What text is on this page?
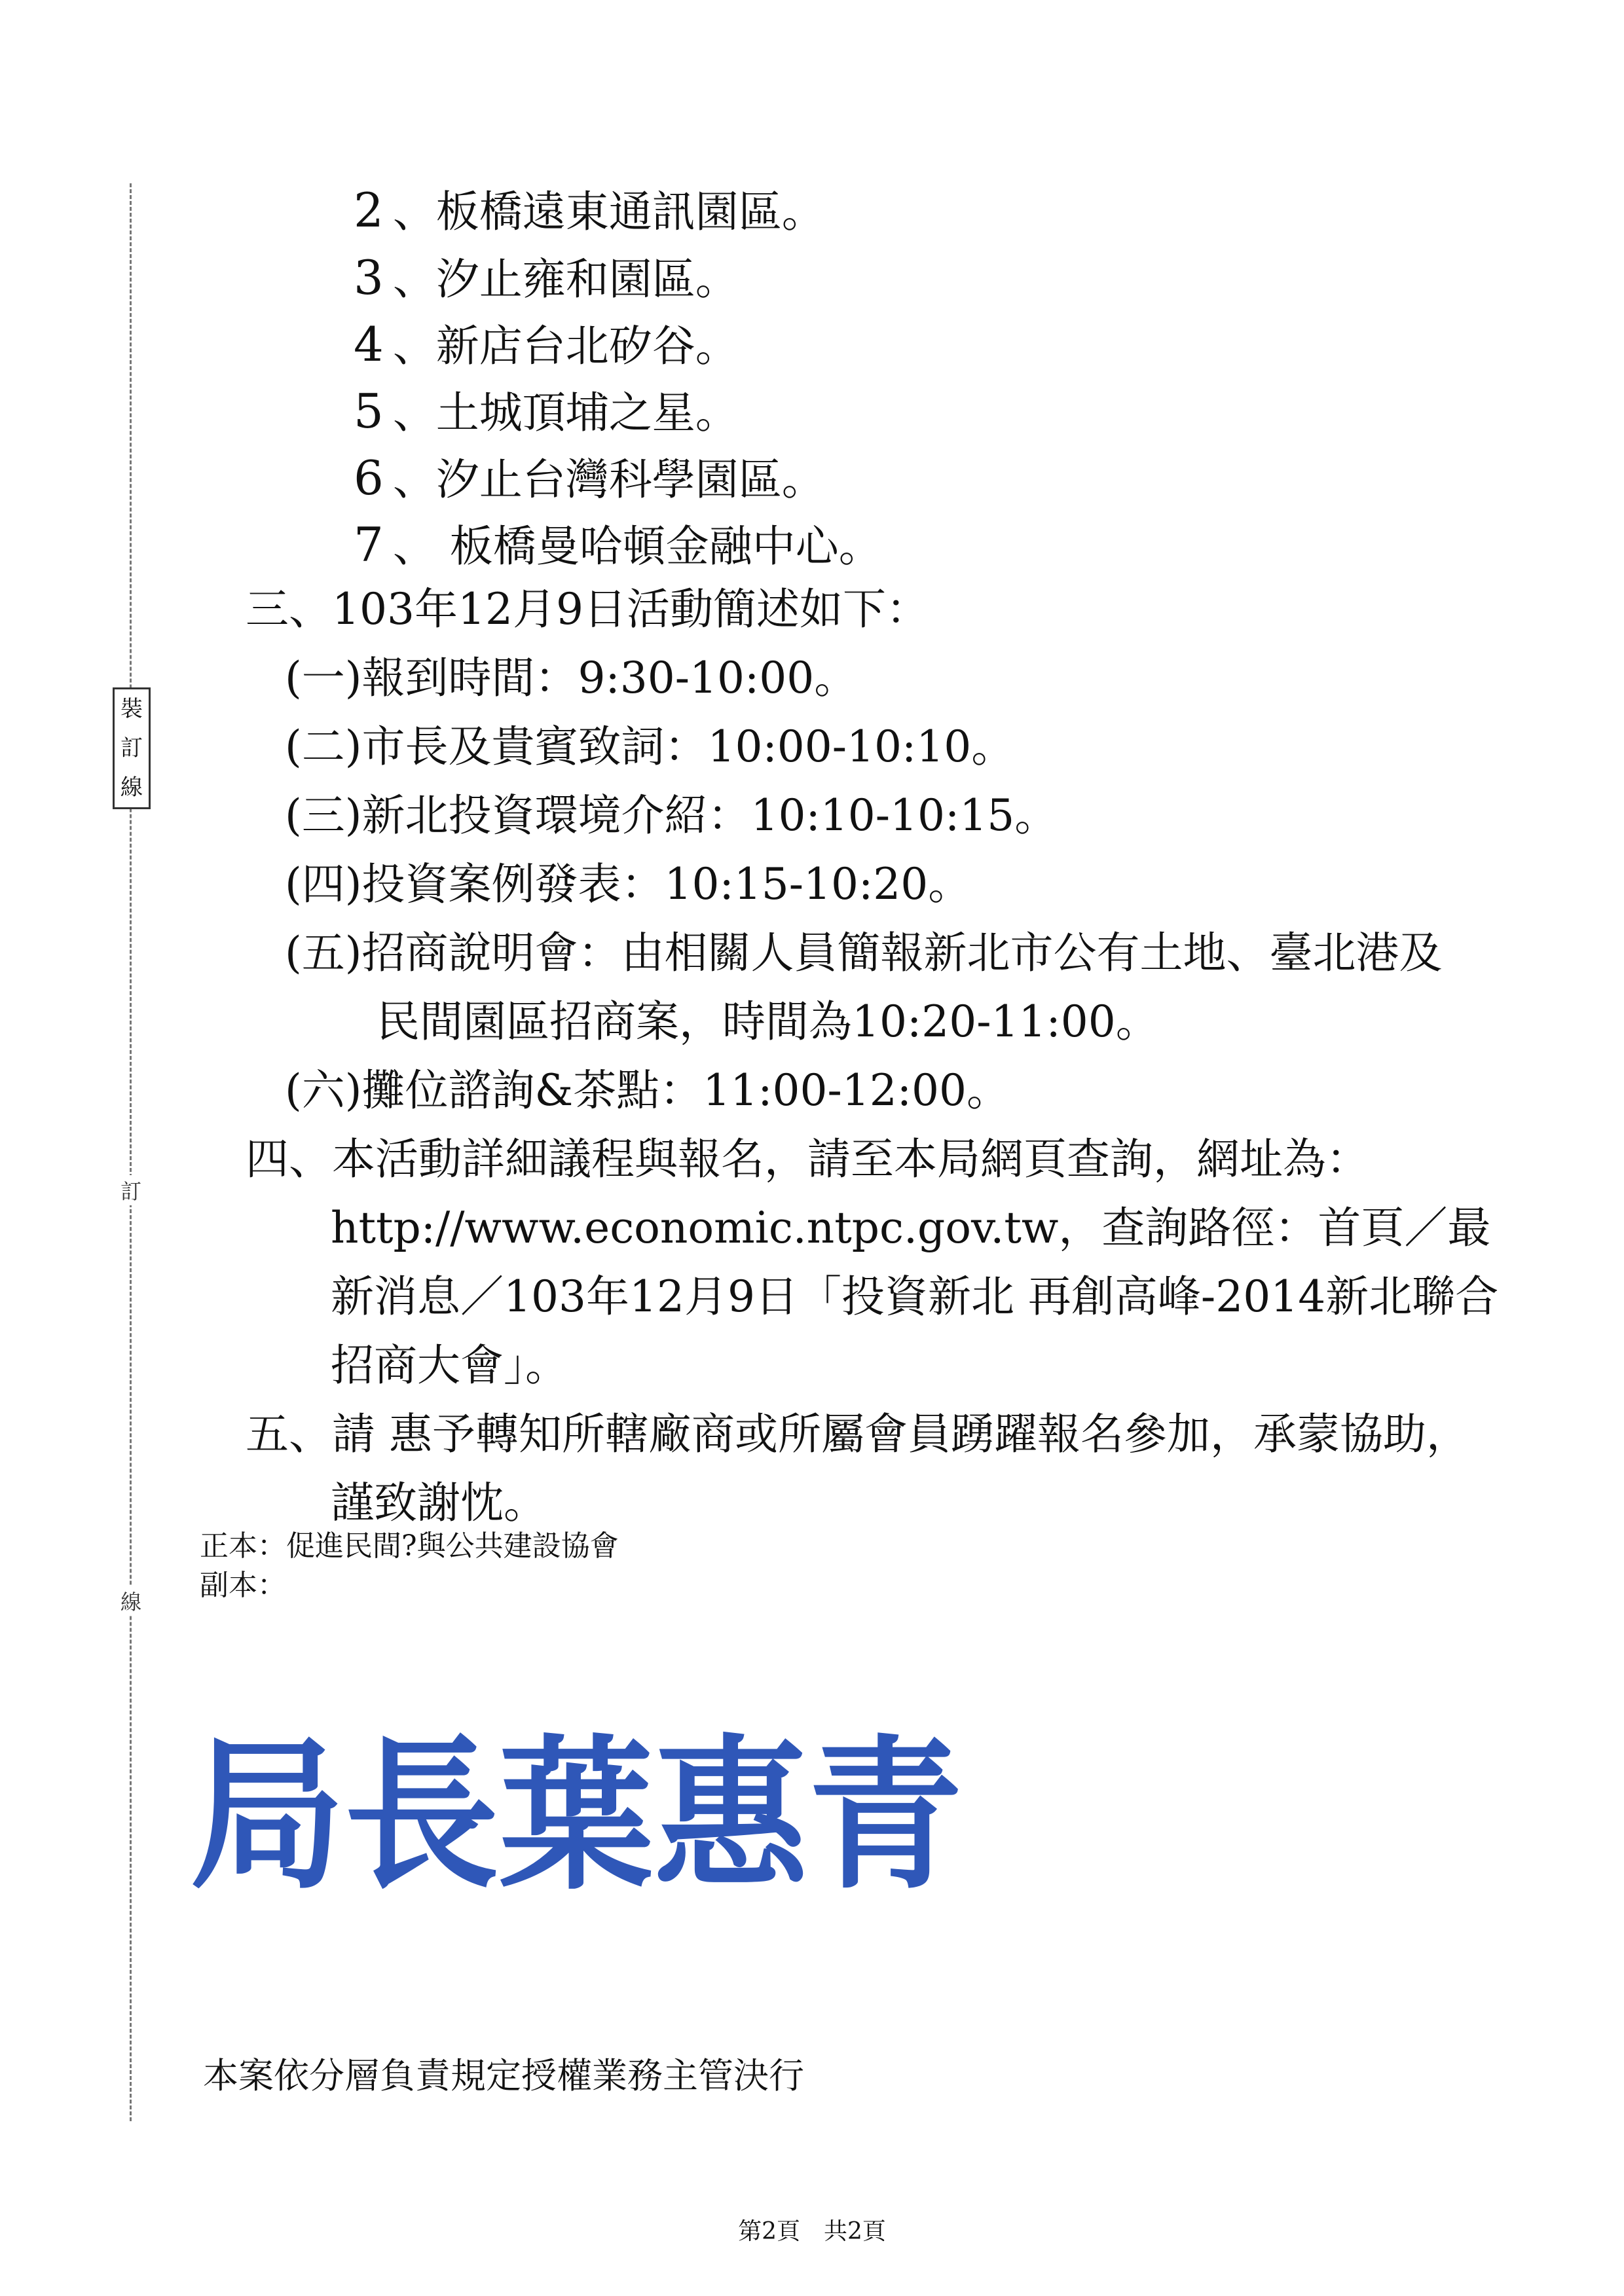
裝
訂
線
訂
線
2 、板橋遠東通訊園區。
3 、汐止雍和園區。
4 、新店台北矽谷。
5 、土城頂埔之星。
6 、汐止台灣科學園區。
7 、 板橋曼哈頓金融中心。
三、103年12月9日活動簡述如下：
(一)報到時間：9:30-10:00。
(二)市長及貴賓致詞：10:00-10:10。
(三)新北投資環境介紹：10:10-10:15。
(四)投資案例發表：10:15-10:20。
(五)招商說明會：由相關人員簡報新北市公有土地、臺北港及
民間園區招商案，時間為10:20-11:00。
(六)攤位諮詢&茶點：11:00-12:00。
四、本活動詳細議程與報名，請至本局網頁查詢，網址為：
http://www.economic.ntpc.gov.tw，查詢路徑：首頁／最
新消息／103年12月9日「投資新北 再創高峰-2014新北聯合
招商大會」。
五、請 惠予轉知所轄廠商或所屬會員踴躍報名參加，承蒙協助，
謹致謝忱。
正本：促進民間?與公共建設協會
副本：
局長葉惠青
本案依分層負責規定授權業務主管決行
第2頁　共2頁
